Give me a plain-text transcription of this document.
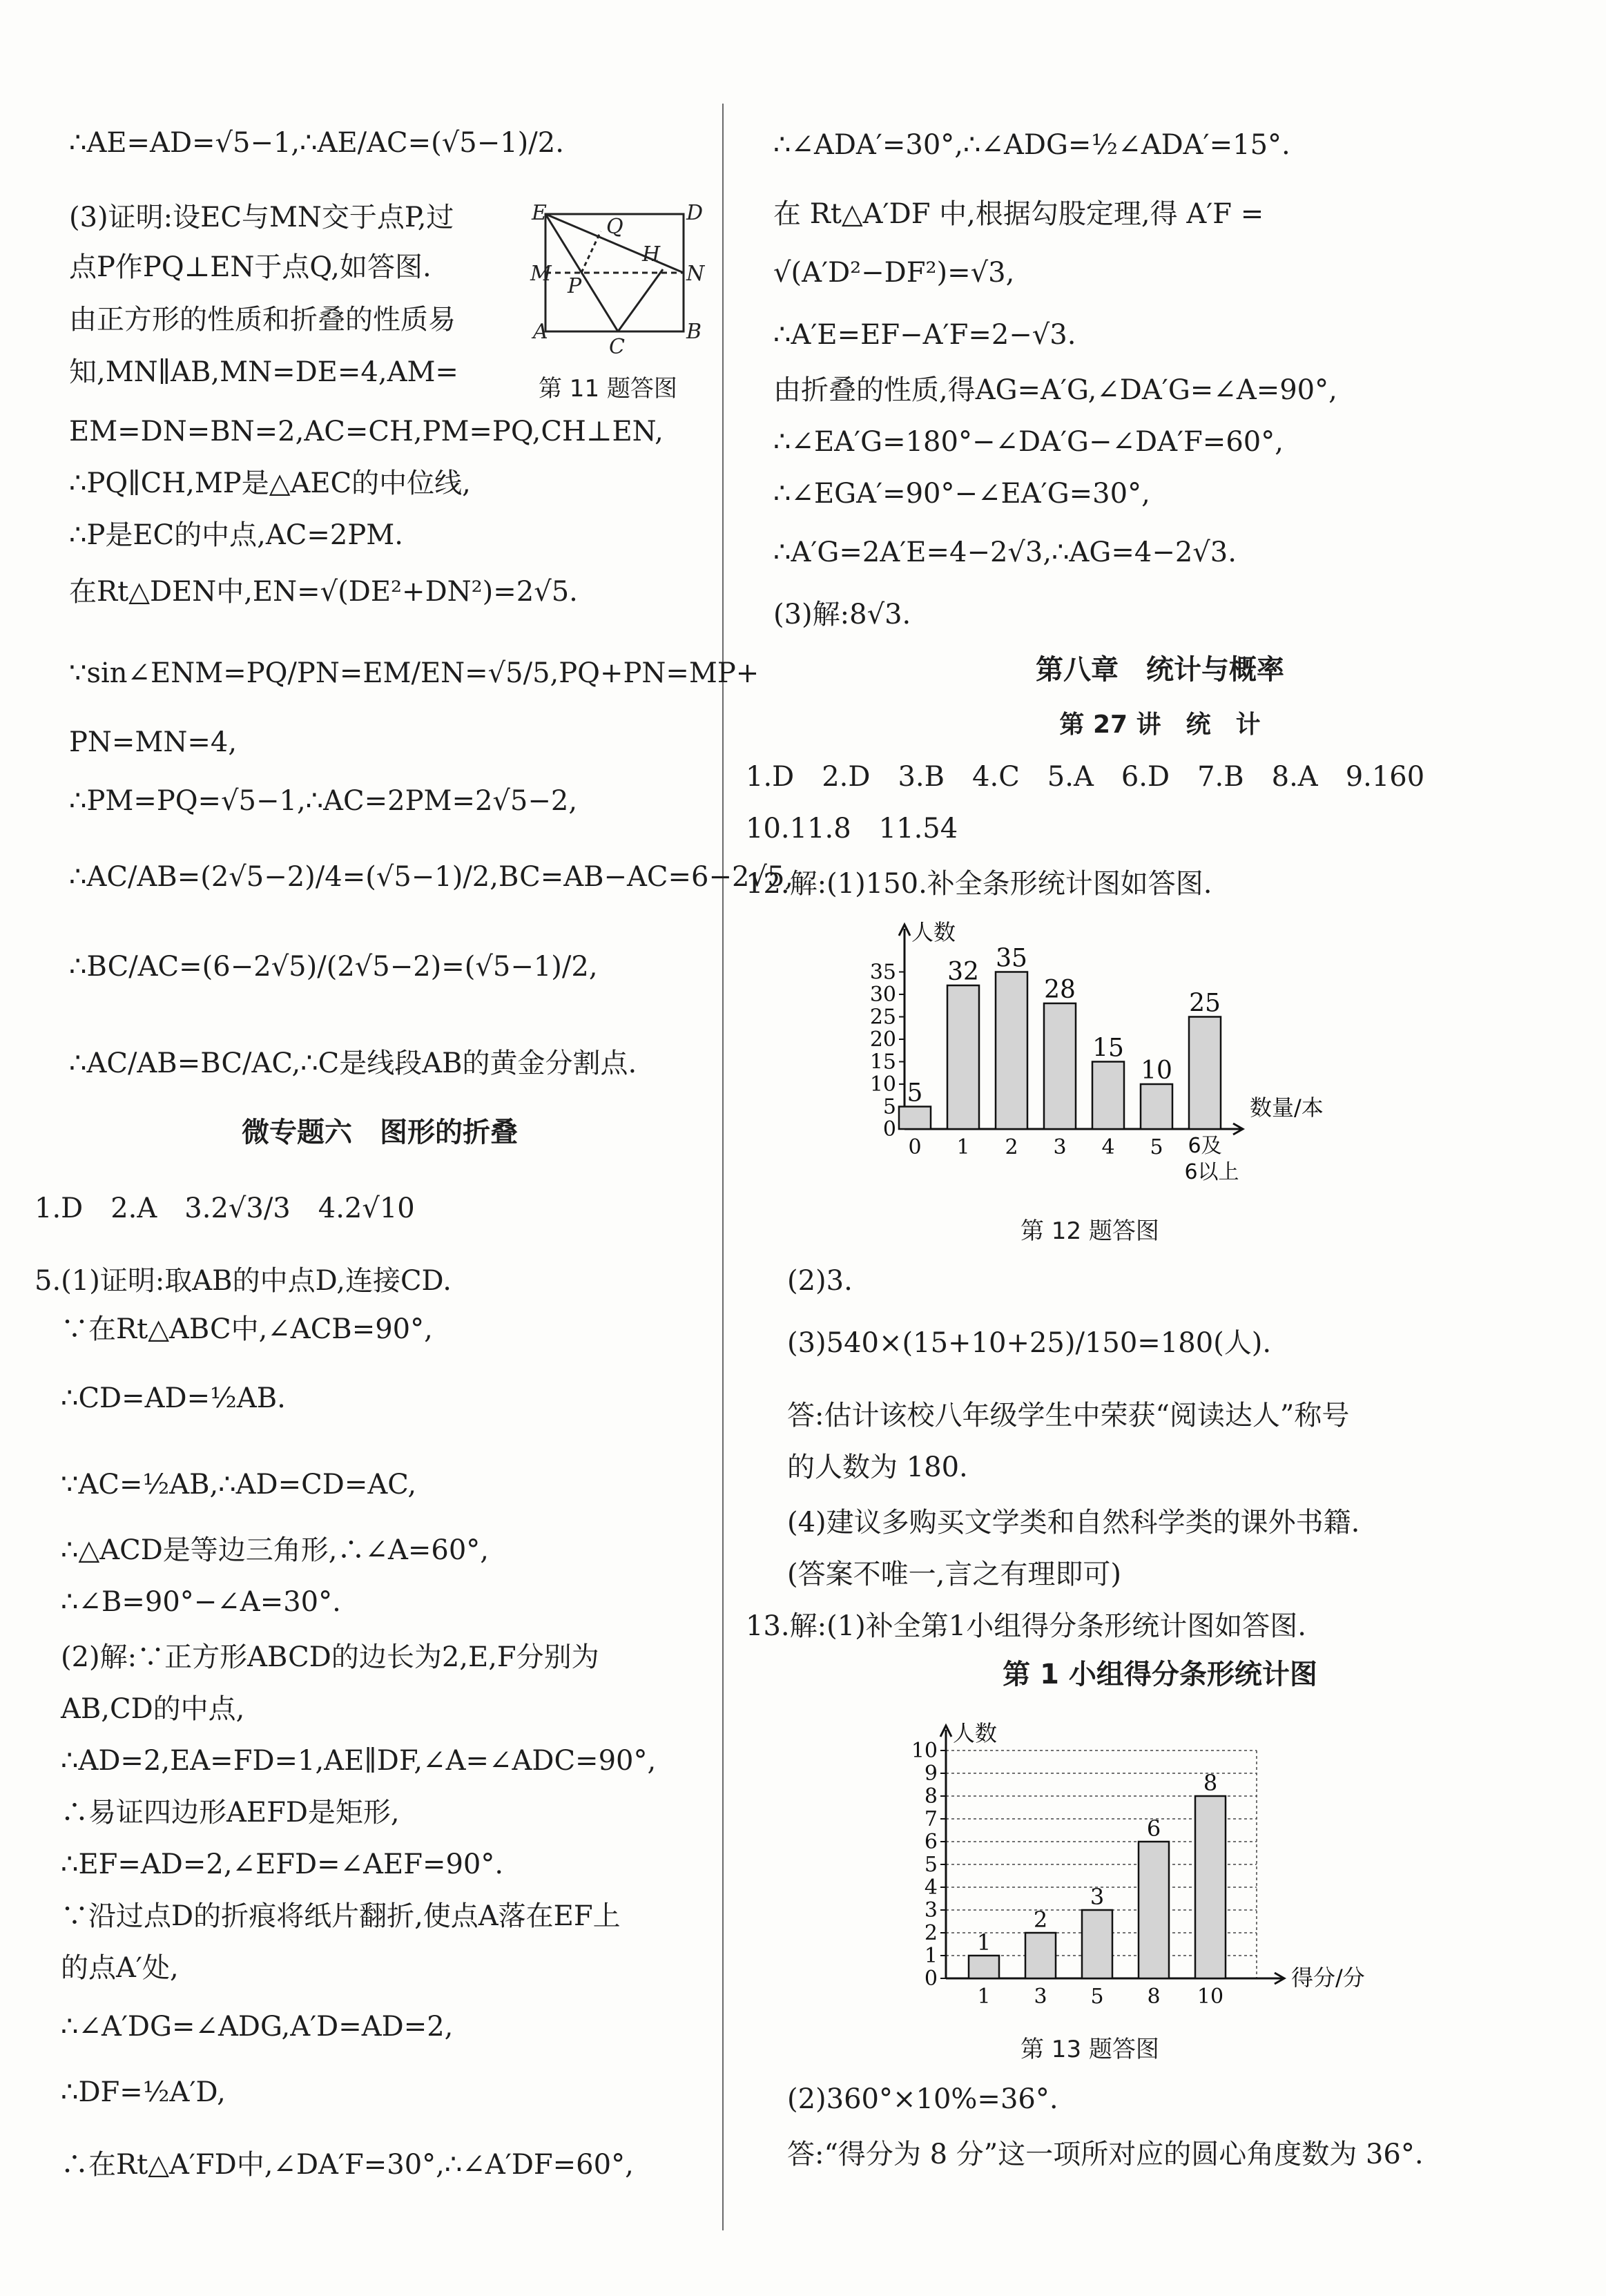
∴AE=AD=√5−1,∴AE/AC=(√5−1)/2.
(3)证明:设EC与MN交于点P,过
点P作PQ⊥EN于点Q,如答图.
由正方形的性质和折叠的性质易
知,MN∥AB,MN=DE=4,AM=
E	D
Q
H
M	N
P
A
C
B
第 11 题答图
EM=DN=BN=2,AC=CH,PM=PQ,CH⊥EN,
∴PQ∥CH,MP是△AEC的中位线,
∴P是EC的中点,AC=2PM.
在Rt△DEN中,EN=√(DE²+DN²)=2√5.
∵sin∠ENM=PQ/PN=EM/EN=√5/5,PQ+PN=MP+
PN=MN=4,
∴PM=PQ=√5−1,∴AC=2PM=2√5−2,
∴AC/AB=(2√5−2)/4=(√5−1)/2,BC=AB−AC=6−2√5,
∴BC/AC=(6−2√5)/(2√5−2)=(√5−1)/2,
∴AC/AB=BC/AC,∴C是线段AB的黄金分割点.
微专题六　图形的折叠
1.D　2.A　3.2√3/3　4.2√10
5.(1)证明:取AB的中点D,连接CD.
∵在Rt△ABC中,∠ACB=90°,
∴CD=AD=½AB.
∵AC=½AB,∴AD=CD=AC,
∴△ACD是等边三角形,∴∠A=60°,
∴∠B=90°−∠A=30°.
(2)解:∵正方形ABCD的边长为2,E,F分别为
AB,CD的中点,
∴AD=2,EA=FD=1,AE∥DF,∠A=∠ADC=90°,
∴易证四边形AEFD是矩形,
∴EF=AD=2,∠EFD=∠AEF=90°.
∵沿过点D的折痕将纸片翻折,使点A落在EF上
的点A′处,
∴∠A′DG=∠ADG,A′D=AD=2,
∴DF=½A′D,
∴在Rt△A′FD中,∠DA′F=30°,∴∠A′DF=60°,
∴∠ADA′=30°,∴∠ADG=½∠ADA′=15°.
在 Rt△A′DF 中,根据勾股定理,得 A′F =
√(A′D²−DF²)=√3,
∴A′E=EF−A′F=2−√3.
由折叠的性质,得AG=A′G,∠DA′G=∠A=90°,
∴∠EA′G=180°−∠DA′G−∠DA′F=60°,
∴∠EGA′=90°−∠EA′G=30°,
∴A′G=2A′E=4−2√3,∴AG=4−2√3.
(3)解:8√3.
第八章　统计与概率
第 27 讲　统　计
1.D　2.D　3.B　4.C　5.A　6.D　7.B　8.A　9.160
10.11.8　11.54
12.解:(1)150.补全条形统计图如答图.
0
5
10
15
20
25
30
35
人数
数量/本
5
0
32
1
35
2
28
3
15
4
10
5
25
6及
6以上
第 12 题答图
(2)3.
(3)540×(15+10+25)/150=180(人).
答:估计该校八年级学生中荣获“阅读达人”称号
的人数为 180.
(4)建议多购买文学类和自然科学类的课外书籍.
(答案不唯一,言之有理即可)
13.解:(1)补全第1小组得分条形统计图如答图.
第 1 小组得分条形统计图
0
1
2
3
4
5
6
7
8
9
10
人数
得分/分
1
1
2
3
3
5
6
8
8
10
第 13 题答图
(2)360°×10%=36°.
答:“得分为 8 分”这一项所对应的圆心角度数为 36°.
